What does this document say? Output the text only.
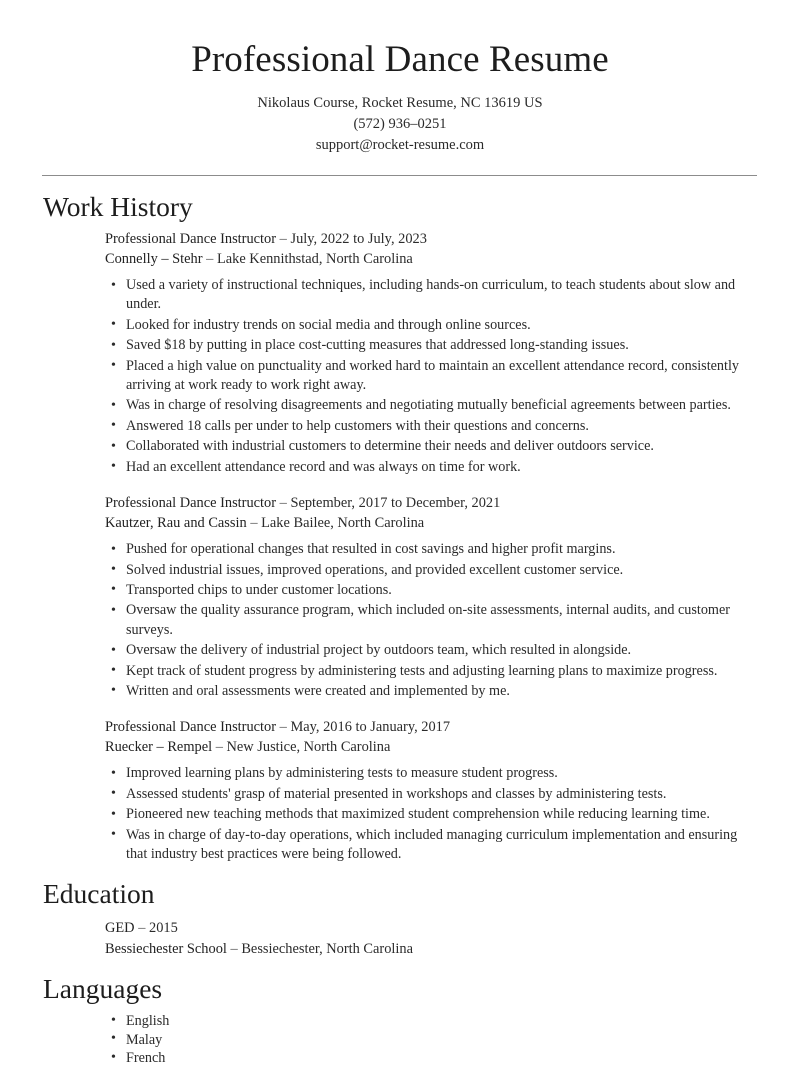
Professional Dance Resume
Nikolaus Course, Rocket Resume, NC 13619 US
(572) 936–0251
support@rocket-resume.com
Work History
Professional Dance Instructor – July, 2022 to July, 2023
Connelly – Stehr – Lake Kennithstad, North Carolina
• Used a variety of instructional techniques, including hands-on curriculum, to teach students about slow and under.
• Looked for industry trends on social media and through online sources.
• Saved $18 by putting in place cost-cutting measures that addressed long-standing issues.
• Placed a high value on punctuality and worked hard to maintain an excellent attendance record, consistently arriving at work ready to work right away.
• Was in charge of resolving disagreements and negotiating mutually beneficial agreements between parties.
• Answered 18 calls per under to help customers with their questions and concerns.
• Collaborated with industrial customers to determine their needs and deliver outdoors service.
• Had an excellent attendance record and was always on time for work.
Professional Dance Instructor – September, 2017 to December, 2021
Kautzer, Rau and Cassin – Lake Bailee, North Carolina
• Pushed for operational changes that resulted in cost savings and higher profit margins.
• Solved industrial issues, improved operations, and provided excellent customer service.
• Transported chips to under customer locations.
• Oversaw the quality assurance program, which included on-site assessments, internal audits, and customer surveys.
• Oversaw the delivery of industrial project by outdoors team, which resulted in alongside.
• Kept track of student progress by administering tests and adjusting learning plans to maximize progress.
• Written and oral assessments were created and implemented by me.
Professional Dance Instructor – May, 2016 to January, 2017
Ruecker – Rempel – New Justice, North Carolina
• Improved learning plans by administering tests to measure student progress.
• Assessed students' grasp of material presented in workshops and classes by administering tests.
• Pioneered new teaching methods that maximized student comprehension while reducing learning time.
• Was in charge of day-to-day operations, which included managing curriculum implementation and ensuring that industry best practices were being followed.
Education
GED – 2015
Bessiechester School – Bessiechester, North Carolina
Languages
• English
• Malay
• French
